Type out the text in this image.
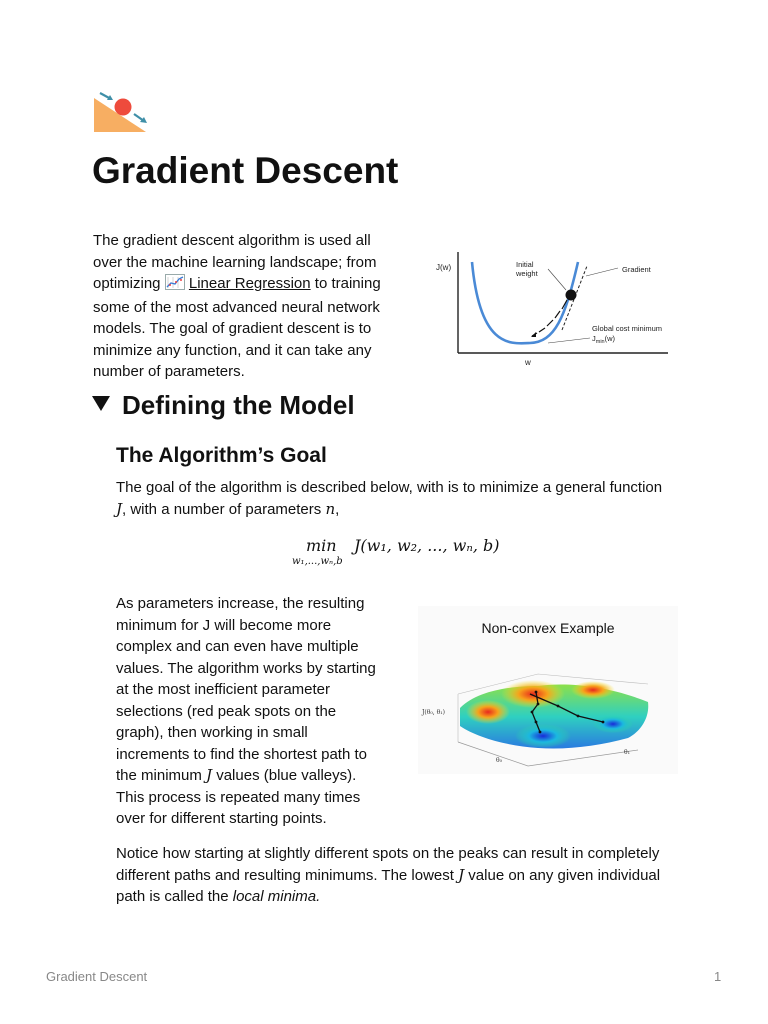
Gradient Descent
The gradient descent algorithm is used all
over the machine learning landscape; from
optimizing Linear Regression to training
some of the most advanced neural network
models. The goal of gradient descent is to
minimize any function, and it can take any
number of parameters.
J(w)
w
Initial
weight	Gradient
Global cost minimum
$J_{min}(w)$
Defining the Model
The Algorithm’s Goal
The goal of the algorithm is described below, with is to minimize a general function
J, with a number of parameters n,
min
w₁,...,wₙ,b
J(w₁, w₂, ..., wₙ, b)
As parameters increase, the resulting
minimum for J will become more
complex and can even have multiple
values. The algorithm works by starting
at the most inefficient parameter
selections (red peak spots on the
graph), then working in small
increments to find the shortest path to
the minimum J values (blue valleys).
This process is repeated many times
over for different starting points.
Non-convex Example
J(θ₀, θ₁)
θ₀
θ₁
Notice how starting at slightly different spots on the peaks can result in completely
different paths and resulting minimums. The lowest J value on any given individual
path is called the local minima.
Gradient Descent	1
